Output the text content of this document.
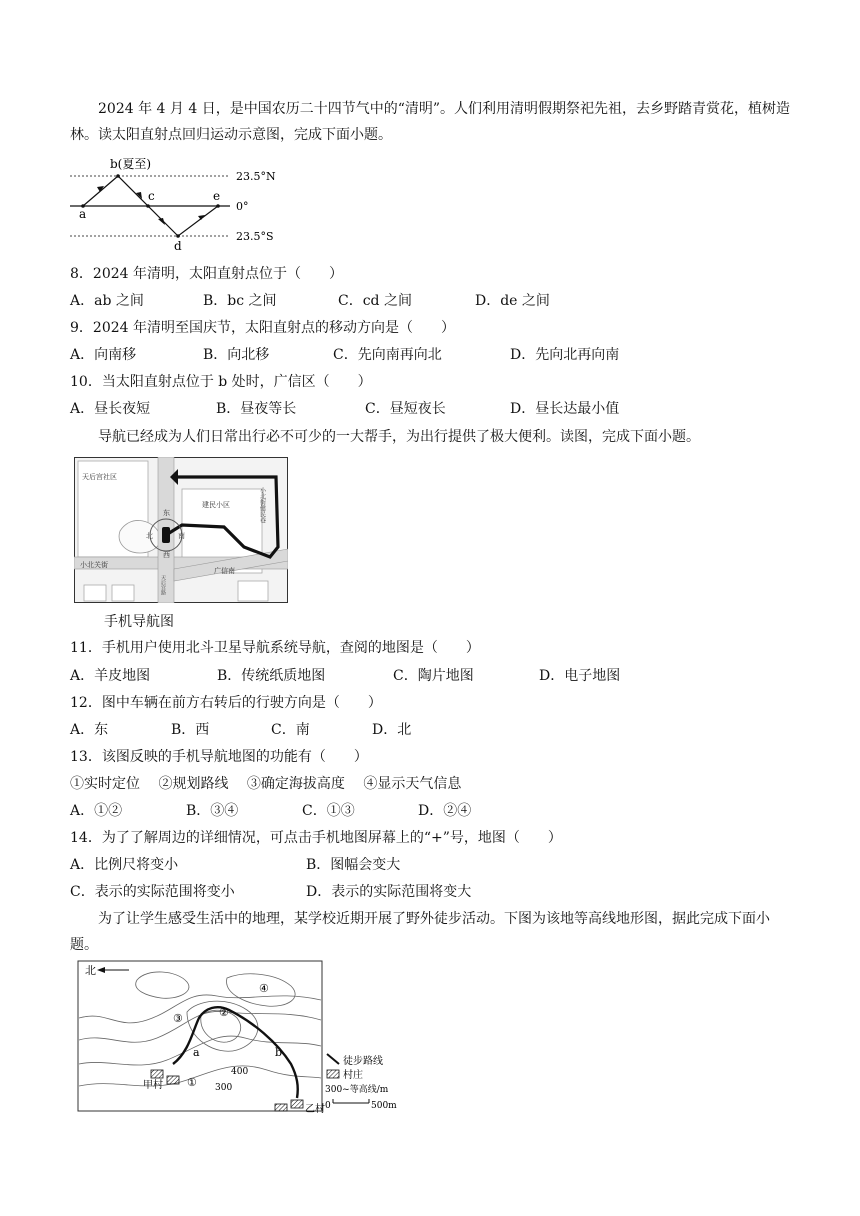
2024 年 4 月 4 日，是中国农历二十四节气中的“清明”。人们利用清明假期祭祀先祖，去乡野踏青赏花，植树造林。读太阳直射点回归运动示意图，完成下面小题。
b(夏至)
a
c
d
e
23.5°N
0°
23.5°S
8．2024 年清明，太阳直射点位于（　　）
A．ab 之间	B．bc 之间	C．cd 之间	D．de 之间
9．2024 年清明至国庆节，太阳直射点的移动方向是（　　）
A．向南移	B．向北移	C．先向南再向北	D．先向北再向南
10．当太阳直射点位于 b 处时，广信区（　　）
A．昼长夜短	B．昼夜等长	C．昼短夜长	D．昼长达最小值
导航已经成为人们日常出行必不可少的一大帮手，为出行提供了极大便利。读图，完成下面小题。
天后宫社区
建民小区
小北关街
广信南
小北街健民巷
东
北	南
西
天后宫路
手机导航图
11．手机用户使用北斗卫星导航系统导航，查阅的地图是（　　）
A．羊皮地图	B．传统纸质地图	C．陶片地图	D．电子地图
12．图中车辆在前方右转后的行驶方向是（　　）
A．东	B．西	C．南	D．北
13．该图反映的手机导航地图的功能有（　　）
①实时定位　 ②规划路线　 ③确定海拔高度　 ④显示天气信息
A．①②	B．③④	C．①③	D．②④
14．为了了解周边的详细情况，可点击手机地图屏幕上的“+”号，地图（　　）
A．比例尺将变小	B．图幅会变大
C．表示的实际范围将变小	D．表示的实际范围将变大
为了让学生感受生活中的地理，某学校近期开展了野外徒步活动。下图为该地等高线地形图，据此完成下面小题。
北
甲村
乙村
①
②
③
④
a	b
300
400
徒步路线
村庄
300~等高线/m
0	500m
